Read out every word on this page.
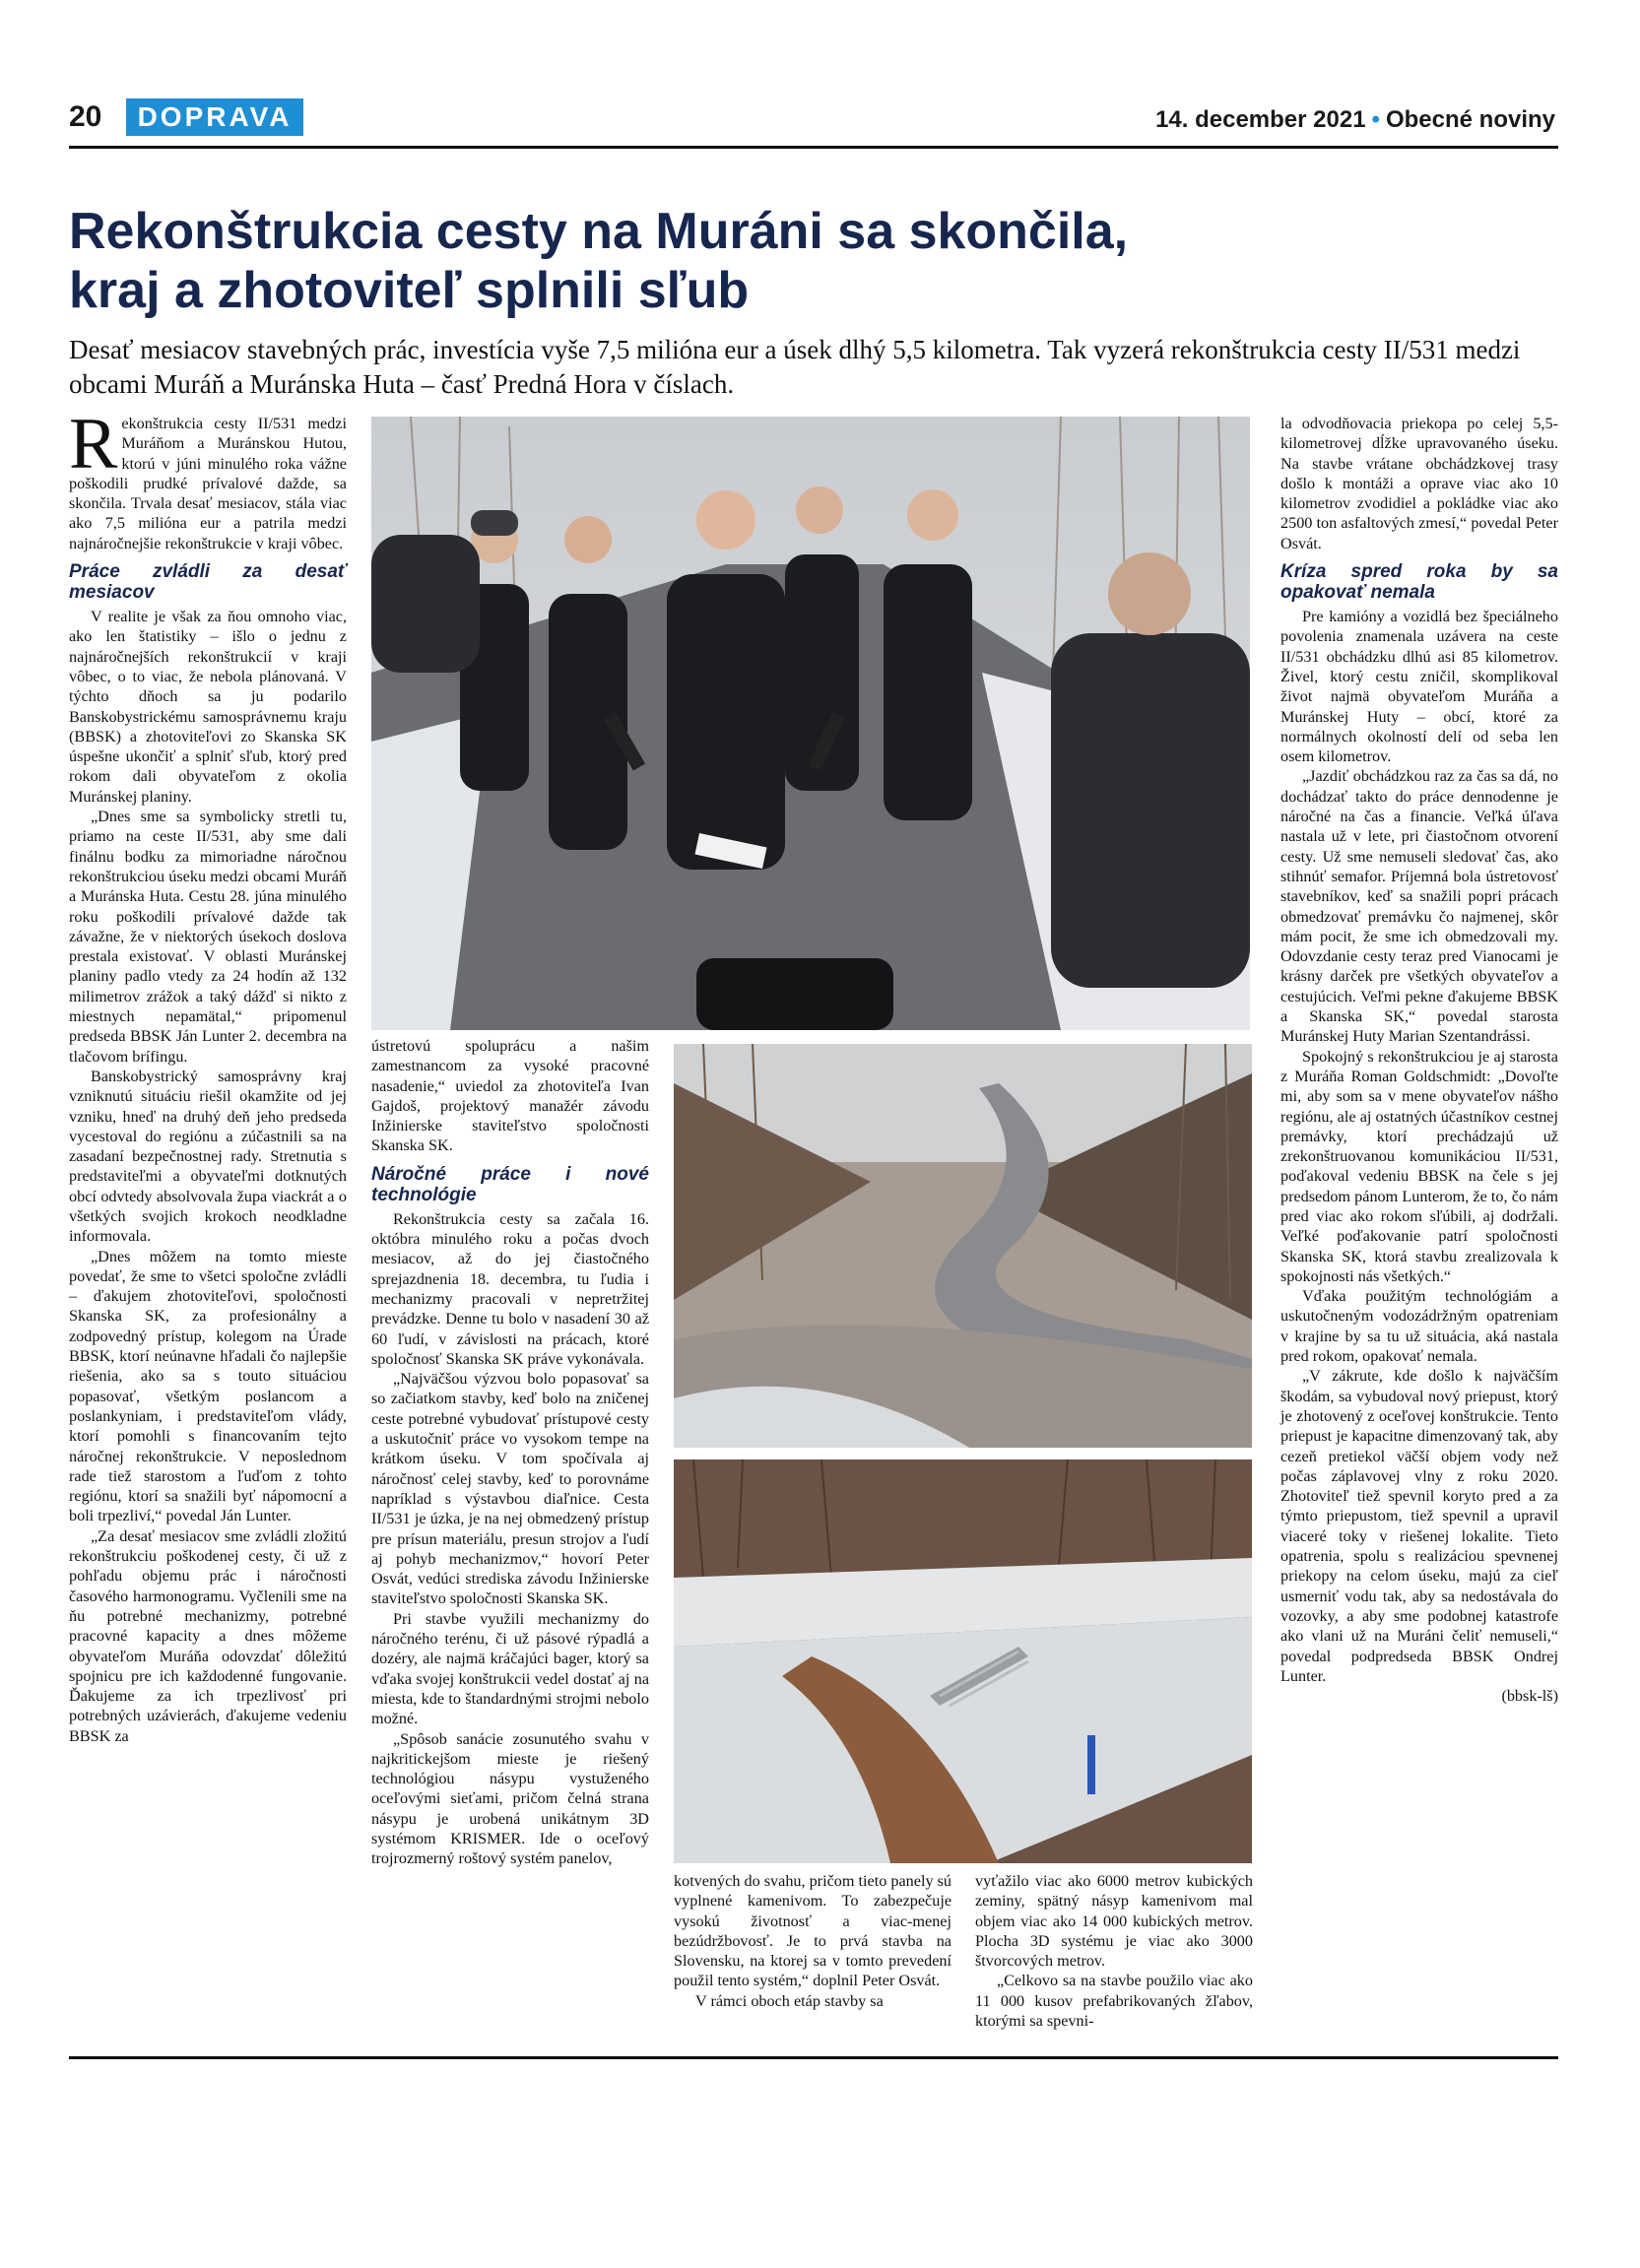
20	DOPRAVA	14. december 2021 • Obecné noviny
Rekonštrukcia cesty na Muráni sa skončila,
kraj a zhotoviteľ splnili sľub
Desať mesiacov stavebných prác, investícia vyše 7,5 milióna eur a úsek dlhý 5,5 kilometra. Tak vyzerá rekonštrukcia cesty II/531 medzi obcami Muráň a Muránska Huta – časť Predná Hora v číslach.

Rekonštrukcia cesty II/531 medzi Muráňom a Muránskou Hutou, ktorú v júni minulého roka vážne poškodili prudké prívalové dažde, sa skončila. Trvala desať mesiacov, stála viac ako 7,5 milióna eur a patrila medzi najnáročnejšie rekonštrukcie v kraji vôbec.

Práce zvládli za desať mesiacov

V realite je však za ňou omnoho viac, ako len štatistiky – išlo o jednu z najnáročnejších rekonštrukcií v kraji vôbec, o to viac, že nebola plánovaná. V týchto dňoch sa ju podarilo Banskobystrickému samosprávnemu kraju (BBSK) a zhotoviteľovi zo Skanska SK úspešne ukončiť a splniť sľub, ktorý pred rokom dali obyvateľom z okolia Muránskej planiny.

„Dnes sme sa symbolicky stretli tu, priamo na ceste II/531, aby sme dali finálnu bodku za mimoriadne náročnou rekonštrukciou úseku medzi obcami Muráň a Muránska Huta. Cestu 28. júna minulého roku poškodili prívalové dažde tak závažne, že v niektorých úsekoch doslova prestala existovať. V oblasti Muránskej planiny padlo vtedy za 24 hodín až 132 milimetrov zrážok a taký dážď si nikto z miestnych nepamätal,“ pripomenul predseda BBSK Ján Lunter 2. decembra na tlačovom brífingu.

Banskobystrický samosprávny kraj vzniknutú situáciu riešil okamžite od jej vzniku, hneď na druhý deň jeho predseda vycestoval do regiónu a zúčastnili sa na zasadaní bezpečnostnej rady. Stretnutia s predstaviteľmi a obyvateľmi dotknutých obcí odvtedy absolvovala župa viackrát a o všetkých svojich krokoch neodkladne informovala.

„Dnes môžem na tomto mieste povedať, že sme to všetci spoločne zvládli – ďakujem zhotoviteľovi, spoločnosti Skanska SK, za profesionálny a zodpovedný prístup, kolegom na Úrade BBSK, ktorí neúnavne hľadali čo najlepšie riešenia, ako sa s touto situáciou popasovať, všetkým poslancom a poslankyniam, i predstaviteľom vlády, ktorí pomohli s financovaním tejto náročnej rekonštrukcie. V neposlednom rade tiež starostom a ľuďom z tohto regiónu, ktorí sa snažili byť nápomocní a boli trpezliví,“ povedal Ján Lunter.

„Za desať mesiacov sme zvládli zložitú rekonštrukciu poškodenej cesty, či už z pohľadu objemu prác i náročnosti časového harmonogramu. Vyčlenili sme na ňu potrebné mechanizmy, potrebné pracovné kapacity a dnes môžeme obyvateľom Muráňa odovzdať dôležitú spojnicu pre ich každodenné fungovanie. Ďakujeme za ich trpezlivosť pri potrebných uzávierách, ďakujeme vedeniu BBSK za

ústretovú spoluprácu a našim zamestnancom za vysoké pracovné nasadenie,“ uviedol za zhotoviteľa Ivan Gajdoš, projektový manažér závodu Inžinierske staviteľstvo spoločnosti Skanska SK.

Náročné práce i nové technológie

Rekonštrukcia cesty sa začala 16. októbra minulého roku a počas dvoch mesiacov, až do jej čiastočného sprejazdnenia 18. decembra, tu ľudia i mechanizmy pracovali v nepretržitej prevádzke. Denne tu bolo v nasadení 30 až 60 ľudí, v závislosti na prácach, ktoré spoločnosť Skanska SK práve vykonávala.

„Najväčšou výzvou bolo popasovať sa so začiatkom stavby, keď bolo na zničenej ceste potrebné vybudovať prístupové cesty a uskutočniť práce vo vysokom tempe na krátkom úseku. V tom spočívala aj náročnosť celej stavby, keď to porovnáme napríklad s výstavbou diaľnice. Cesta II/531 je úzka, je na nej obmedzený prístup pre prísun materiálu, presun strojov a ľudí aj pohyb mechanizmov,“ hovorí Peter Osvát, vedúci strediska závodu Inžinierske staviteľstvo spoločnosti Skanska SK.

Pri stavbe využili mechanizmy do náročného terénu, či už pásové rýpadlá a dozéry, ale najmä kráčajúci bager, ktorý sa vďaka svojej konštrukcii vedel dostať aj na miesta, kde to štandardnými strojmi nebolo možné.

„Spôsob sanácie zosunutého svahu v najkritickejšom mieste je riešený technológiou násypu vystuženého oceľovými sieťami, pričom čelná strana násypu je urobená unikátnym 3D systémom KRISMER. Ide o oceľový trojrozmerný roštový systém panelov,

kotvených do svahu, pričom tieto panely sú vyplnené kamenivom. To zabezpečuje vysokú životnosť a viac-menej bezúdržbovosť. Je to prvá stavba na Slovensku, na ktorej sa v tomto prevedení použil tento systém,“ doplnil Peter Osvát.

V rámci oboch etáp stavby sa

vyťažilo viac ako 6000 metrov kubických zeminy, spätný násyp kamenivom mal objem viac ako 14 000 kubických metrov. Plocha 3D systému je viac ako 3000 štvorcových metrov.

„Celkovo sa na stavbe použilo viac ako 11 000 kusov prefabrikovaných žľabov, ktorými sa spevni-

la odvodňovacia priekopa po celej 5,5-kilometrovej dĺžke upravovaného úseku. Na stavbe vrátane obchádzkovej trasy došlo k montáži a oprave viac ako 10 kilometrov zvodidiel a pokládke viac ako 2500 ton asfaltových zmesí,“ povedal Peter Osvát.

Kríza spred roka by sa opakovať nemala

Pre kamióny a vozidlá bez špeciálneho povolenia znamenala uzávera na ceste II/531 obchádzku dlhú asi 85 kilometrov. Živel, ktorý cestu zničil, skomplikoval život najmä obyvateľom Muráňa a Muránskej Huty – obcí, ktoré za normálnych okolností delí od seba len osem kilometrov.

„Jazdiť obchádzkou raz za čas sa dá, no dochádzať takto do práce dennodenne je náročné na čas a financie. Veľká úľava nastala už v lete, pri čiastočnom otvorení cesty. Už sme nemuseli sledovať čas, ako stihnúť semafor. Príjemná bola ústretovosť stavebníkov, keď sa snažili popri prácach obmedzovať premávku čo najmenej, skôr mám pocit, že sme ich obmedzovali my. Odovzdanie cesty teraz pred Vianocami je krásny darček pre všetkých obyvateľov a cestujúcich. Veľmi pekne ďakujeme BBSK a Skanska SK,“ povedal starosta Muránskej Huty Marian Szentandrássi.

Spokojný s rekonštrukciou je aj starosta z Muráňa Roman Goldschmidt: „Dovoľte mi, aby som sa v mene obyvateľov nášho regiónu, ale aj ostatných účastníkov cestnej premávky, ktorí prechádzajú už zrekonštruovanou komunikáciou II/531, poďakoval vedeniu BBSK na čele s jej predsedom pánom Lunterom, že to, čo nám pred viac ako rokom sľúbili, aj dodržali. Veľké poďakovanie patrí spoločnosti Skanska SK, ktorá stavbu zrealizovala k spokojnosti nás všetkých.“

Vďaka použitým technológiám a uskutočneným vodozádržným opatreniam v krajine by sa tu už situácia, aká nastala pred rokom, opakovať nemala.

„V zákrute, kde došlo k najväčším škodám, sa vybudoval nový priepust, ktorý je zhotovený z oceľovej konštrukcie. Tento priepust je kapacitne dimenzovaný tak, aby cezeň pretiekol väčší objem vody než počas záplavovej vlny z roku 2020. Zhotoviteľ tiež spevnil koryto pred a za týmto priepustom, tiež spevnil a upravil viaceré toky v riešenej lokalite. Tieto opatrenia, spolu s realizáciou spevnenej priekopy na celom úseku, majú za cieľ usmerniť vodu tak, aby sa nedostávala do vozovky, a aby sme podobnej katastrofe ako vlani už na Muráni čeliť nemuseli,“ povedal podpredseda BBSK Ondrej Lunter.

(bbsk-lš)
